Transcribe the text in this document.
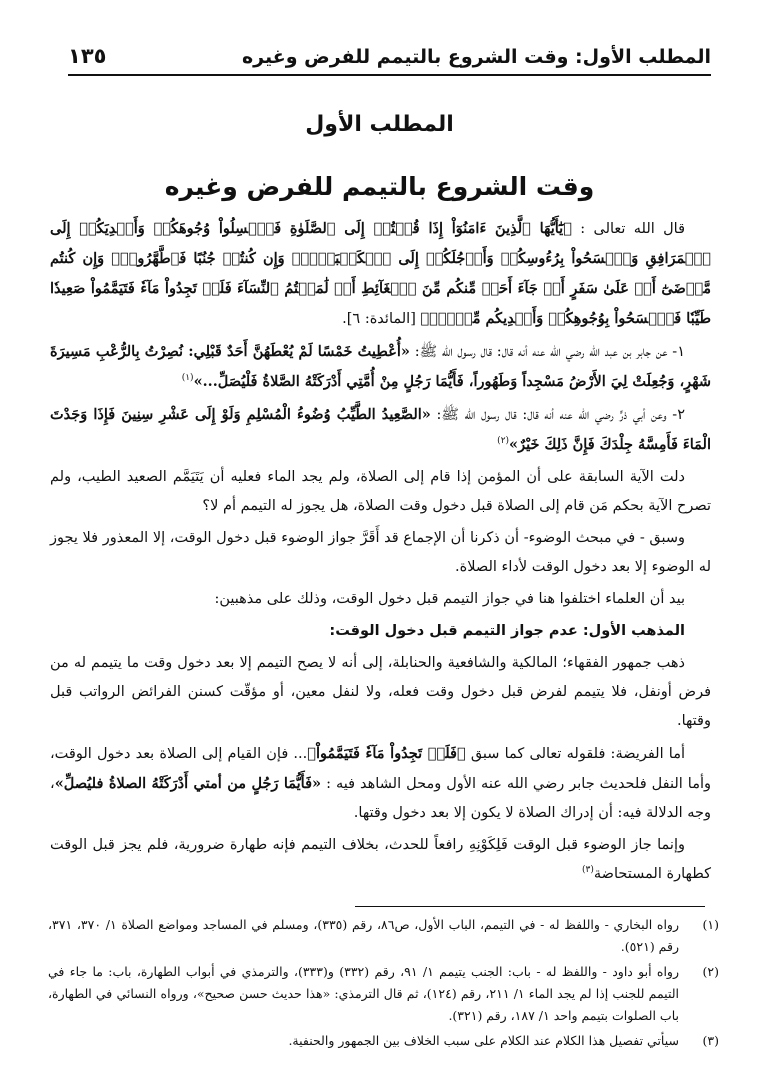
المطلب الأول: وقت الشروع بالتيمم للفرض وغيره
١٣٥
المطلب الأول
وقت الشروع بالتيمم للفرض وغيره

قال الله تعالى : ﴿يَٰٓأَيُّهَا ٱلَّذِينَ ءَامَنُوٓاْ إِذَا قُمۡتُمۡ إِلَى ٱلصَّلَوٰةِ فَٱغۡسِلُواْ وُجُوهَكُمۡ وَأَيۡدِيَكُمۡ إِلَى ٱلۡمَرَافِقِ وَٱمۡسَحُواْ بِرُءُوسِكُمۡ وَأَرۡجُلَكُمۡ إِلَى ٱلۡكَعۡبَيۡنِۚ وَإِن كُنتُمۡ جُنُبًا فَٱطَّهَّرُواْۚ وَإِن كُنتُم مَّرۡضَىٰٓ أَوۡ عَلَىٰ سَفَرٍ أَوۡ جَآءَ أَحَدٞ مِّنكُم مِّنَ ٱلۡغَآئِطِ أَوۡ لَٰمَسۡتُمُ ٱلنِّسَآءَ فَلَمۡ تَجِدُواْ مَآءٗ فَتَيَمَّمُواْ صَعِيدٗا طَيِّبٗا فَٱمۡسَحُواْ بِوُجُوهِكُمۡ وَأَيۡدِيكُم مِّنۡهُۚ﴾ [المائدة: ٦].

١- عن جابر بن عبد الله رضي الله عنه أنه قال: قال رسول الله ﷺ: «أُعْطِيتُ خَمْسًا لَمْ يُعْطَهُنَّ أَحَدٌ قَبْلِي: نُصِرْتُ بِالرُّعْبِ مَسِيرَةَ شَهْرٍ، وَجُعِلَتْ لِيَ الأَرْضُ مَسْجِداً وَطَهُوراً، فَأَيُّمَا رَجُلٍ مِنْ أُمَّتِي أَدْرَكَتْهُ الصَّلاةُ فَلْيُصَلِّ...»$^{(١)}$

٢- وعن أبي ذرٍّ رضي الله عنه أنه قال: قال رسول الله ﷺ: «الصَّعِيدُ الطَّيِّبُ وُضُوءُ الْمُسْلِمِ وَلَوْ إِلَى عَشْرِ سِنِينَ فَإِذَا وَجَدْتَ الْمَاءَ فَأَمِسَّهُ جِلْدَكَ فَإِنَّ ذَلِكَ خَيْرٌ»$^{(٢)}$

دلت الآية السابقة على أن المؤمن إذا قام إلى الصلاة، ولم يجد الماء فعليه أن يَتَيَمَّم الصعيد الطيب، ولم تصرح الآية بحكم مَن قام إلى الصلاة قبل دخول وقت الصلاة، هل يجوز له التيمم أم لا؟

وسبق - في مبحث الوضوء- أن ذكرنا أن الإجماع قد أَقَرَّ جواز الوضوء قبل دخول الوقت، إلا المعذور فلا يجوز له الوضوء إلا بعد دخول الوقت لأداء الصلاة.

بيد أن العلماء اختلفوا هنا في جواز التيمم قبل دخول الوقت، وذلك على مذهبين:

المذهب الأول: عدم جواز التيمم قبل دخول الوقت:

ذهب جمهور الفقهاء؛ المالكية والشافعية والحنابلة، إلى أنه لا يصح التيمم إلا بعد دخول وقت ما يتيمم له من فرض أونفل، فلا يتيمم لفرض قبل دخول وقت فعله، ولا لنفل معين، أو مؤقّت كسنن الفرائض الرواتب قبل وقتها.

أما الفريضة: فلقوله تعالى كما سبق ﴿فَلَمۡ تَجِدُواْ مَآءٗ فَتَيَمَّمُواْ﴾... فإن القيام إلى الصلاة بعد دخول الوقت، وأما النفل فلحديث جابر رضي الله عنه الأول ومحل الشاهد فيه : «فَأَيُّمَا رَجُلٍ من أمتي أَدْرَكَتْهُ الصلاةُ فليُصلِّ»، وجه الدلالة فيه: أن إدراك الصلاة لا يكون إلا بعد دخول وقتها.

وإنما جاز الوضوء قبل الوقت فَلِكَوْنِهِ رافعاً للحدث، بخلاف التيمم فإنه طهارة ضرورية، فلم يجز قبل الوقت كطهارة المستحاضة$^{(٣)}$

(١)
رواه البخاري - واللفظ له - في التيمم، الباب الأول، ص٨٦، رقم (٣٣٥)، ومسلم في المساجد ومواضع الصلاة ١/ ٣٧٠، ٣٧١، رقم (٥٢١).
(٢)
رواه أبو داود - واللفظ له - باب: الجنب يتيمم ١/ ٩١، رقم (٣٣٢) و(٣٣٣)، والترمذي في أبواب الطهارة، باب: ما جاء في التيمم للجنب إذا لم يجد الماء ١/ ٢١١، رقم (١٢٤)، ثم قال الترمذي: «هذا حديث حسن صحيح»، ورواه النسائي في الطهارة، باب الصلوات بتيمم واحد ١/ ١٨٧، رقم (٣٢١).
(٣)
سيأتي تفصيل هذا الكلام عند الكلام على سبب الخلاف بين الجمهور والحنفية.
